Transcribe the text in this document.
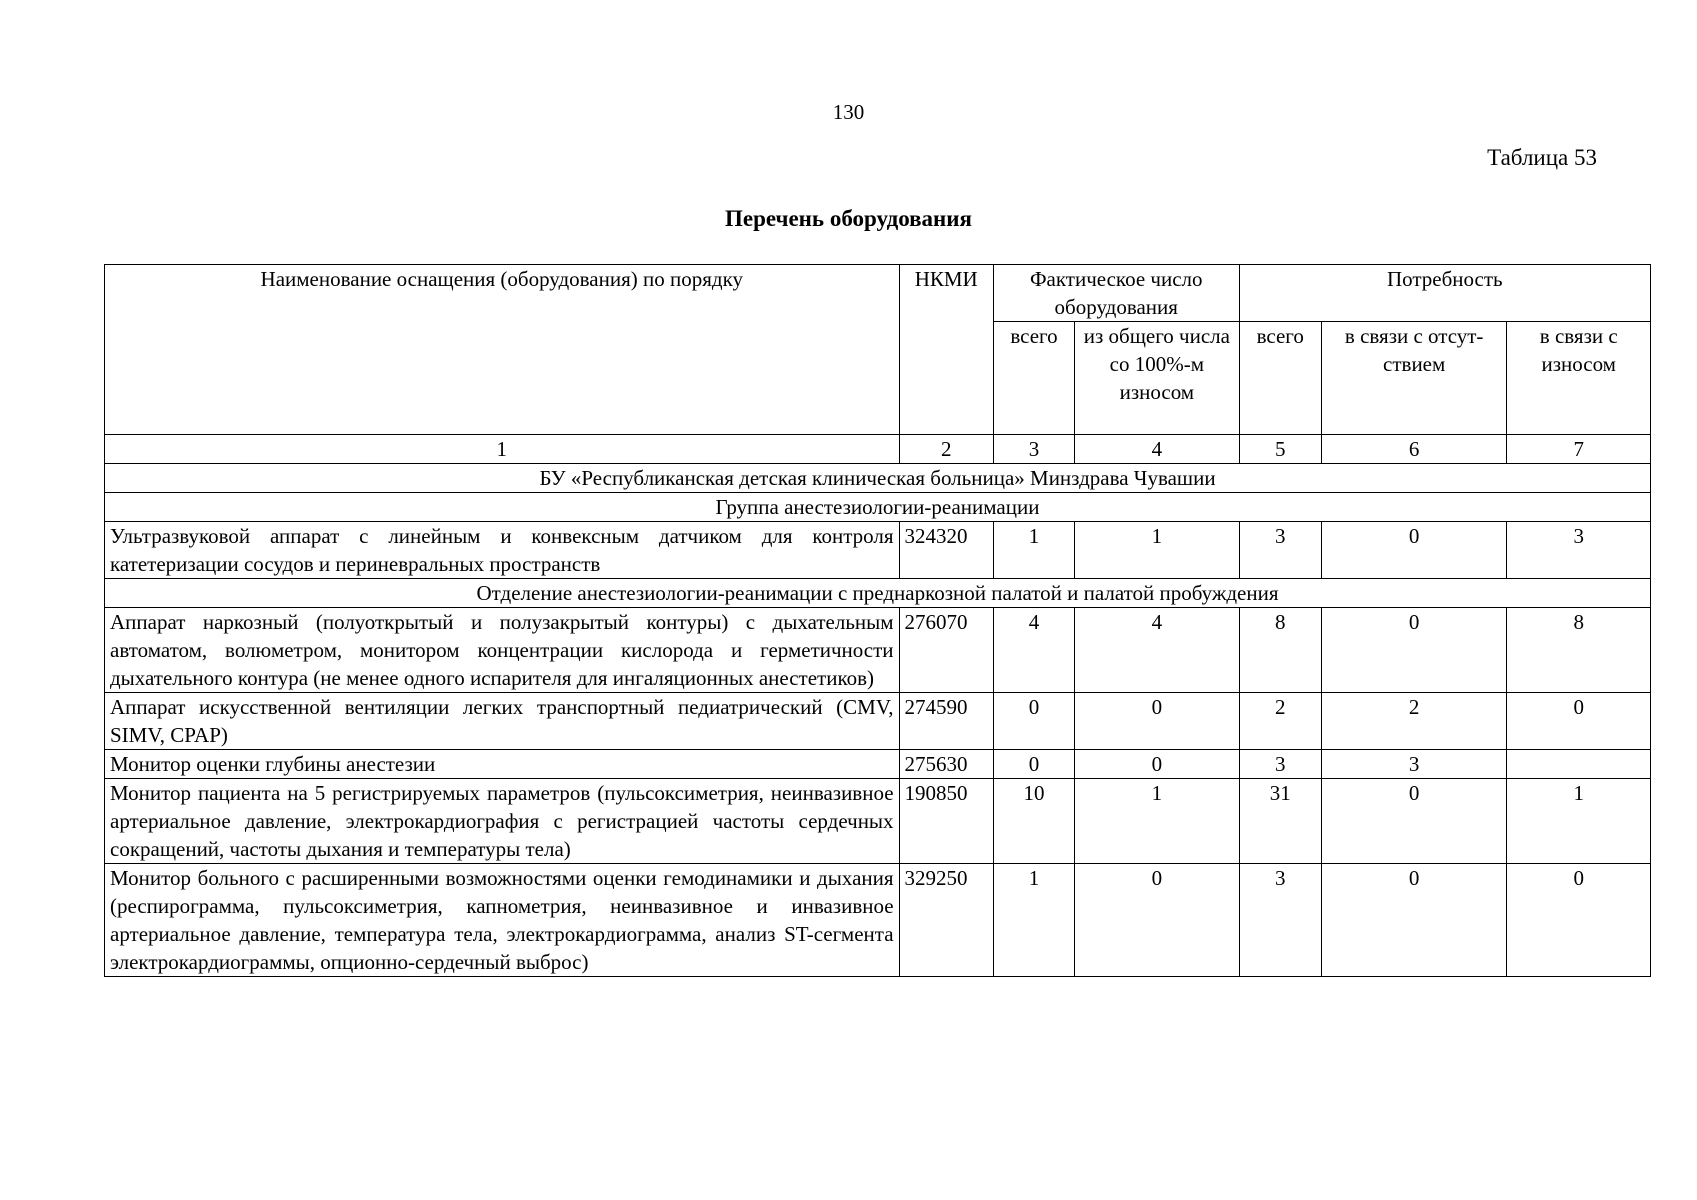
130
Таблица 53
Перечень оборудования
Наименование оснащения (оборудования) по порядку	НКМИ	Фактическое число оборудования		Потребность		
		всего	из общего числа со 100%-м износом	всего	в связи с отсут-ствием	в связи с износом
1	2	3	4	5	6	7
БУ «Республиканская детская клиническая больница» Минздрава Чувашии						
Группа анестезиологии-реанимации						
Ультразвуковой аппарат с линейным и конвексным датчиком для контроля катетеризации сосудов и периневральных пространств	324320	1	1	3	0	3
Отделение анестезиологии-реанимации с преднаркозной палатой и палатой пробуждения						
Аппарат наркозный (полуоткрытый и полузакрытый контуры) с дыхательным автоматом, волюметром, монитором концентрации кислорода и герметичности дыхательного контура (не менее одного испарителя для ингаляционных анестетиков)	276070	4	4	8	0	8
Аппарат искусственной вентиляции легких транспортный педиатрический (CMV, SIMV, CPAP)	274590	0	0	2	2	0
Монитор оценки глубины анестезии	275630	0	0	3	3	
Монитор пациента на 5 регистрируемых параметров (пульсоксиметрия, неинвазивное артериальное давление, электрокардиография с регистрацией частоты сердечных сокращений, частоты дыхания и температуры тела)	190850	10	1	31	0	1
Монитор больного с расширенными возможностями оценки гемодинамики и дыхания (респирограмма, пульсоксиметрия, капнометрия, неинвазивное и инвазивное артериальное давление, температура тела, электрокардиограмма, анализ ST-сегмента электрокардиограммы, опционно-сердечный выброс)	329250	1	0	3	0	0
